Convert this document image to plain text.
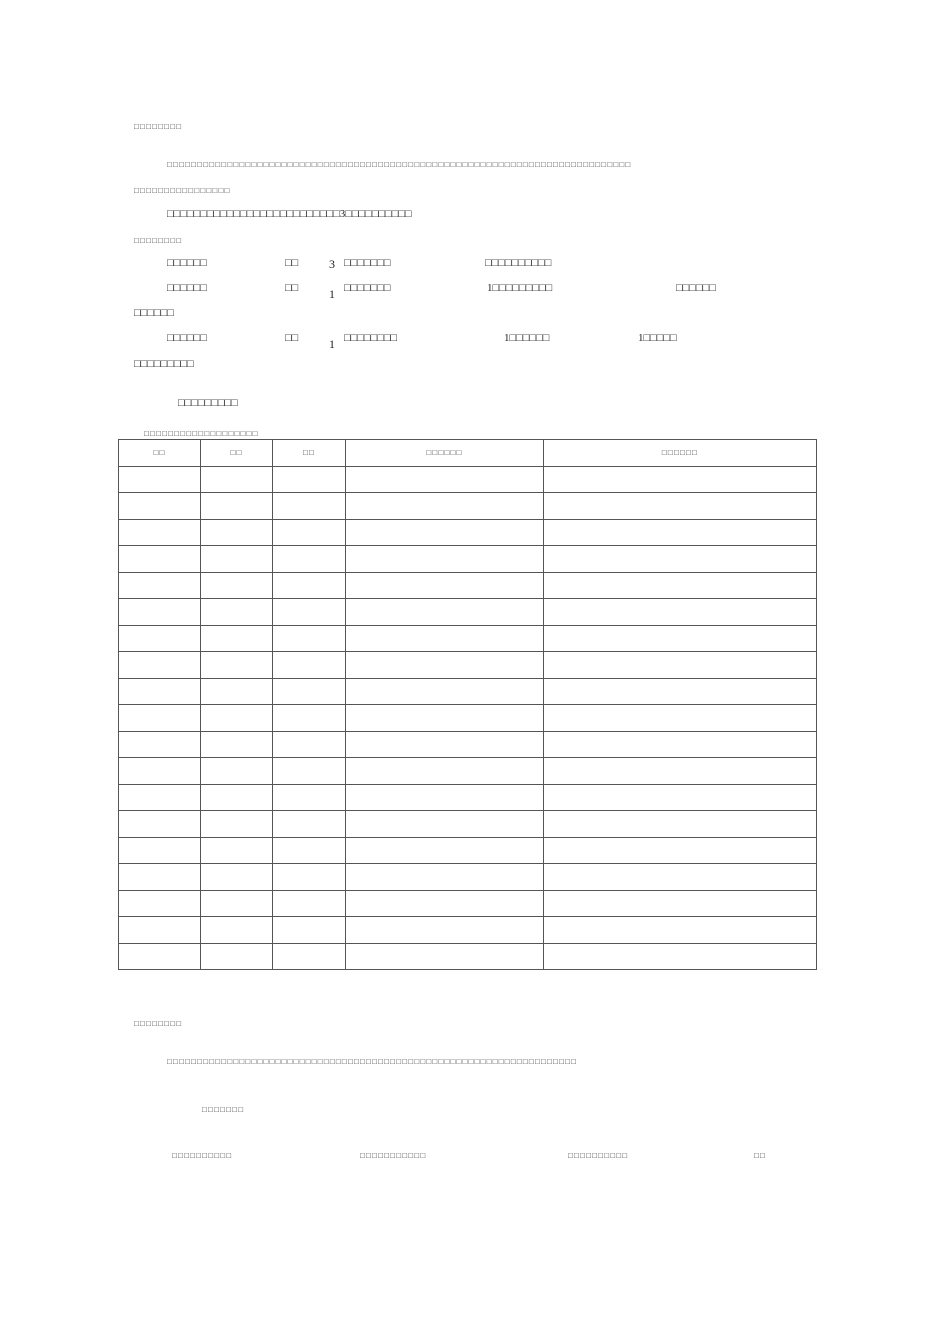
□□□□□□□□
□□□□□□□□□□□□□□□□□□□□□□□□□□□□□□□□□□□□□□□□□□□□□□□□□□□□□□□□□□□□□□□□□□□□□□□□□□□□□
□□□□□□□□□□□□□□□□
□□□□□□□□□□□□□□□□□□□□□□□□□□3□□□□□□□□□□
□□□□□□□□
□□□□□□	□□	3 □□□□□□□	□□□□□□□□□□
□□□□□□	□□	1 □□□□□□□	1□□□□□□□□□	□□□□□□
□□□□□□
□□□□□□	□□	1 □□□□□□□□	1□□□□□□	1□□□□□
□□□□□□□□□
□□□□□□□□□
□□□□□□□□□□□□□□□□□□□
□□	□□	□□	□□□□□□	□□□□□□

□□□□□□□□
□□□□□□□□□□□□□□□□□□□□□□□□□□□□□□□□□□□□□□□□□□□□□□□□□□□□□□□□□□□□□□□□□□□□
□□□□□□□
□□□□□□□□□□	□□□□□□□□□□□	□□□□□□□□□□	□□
